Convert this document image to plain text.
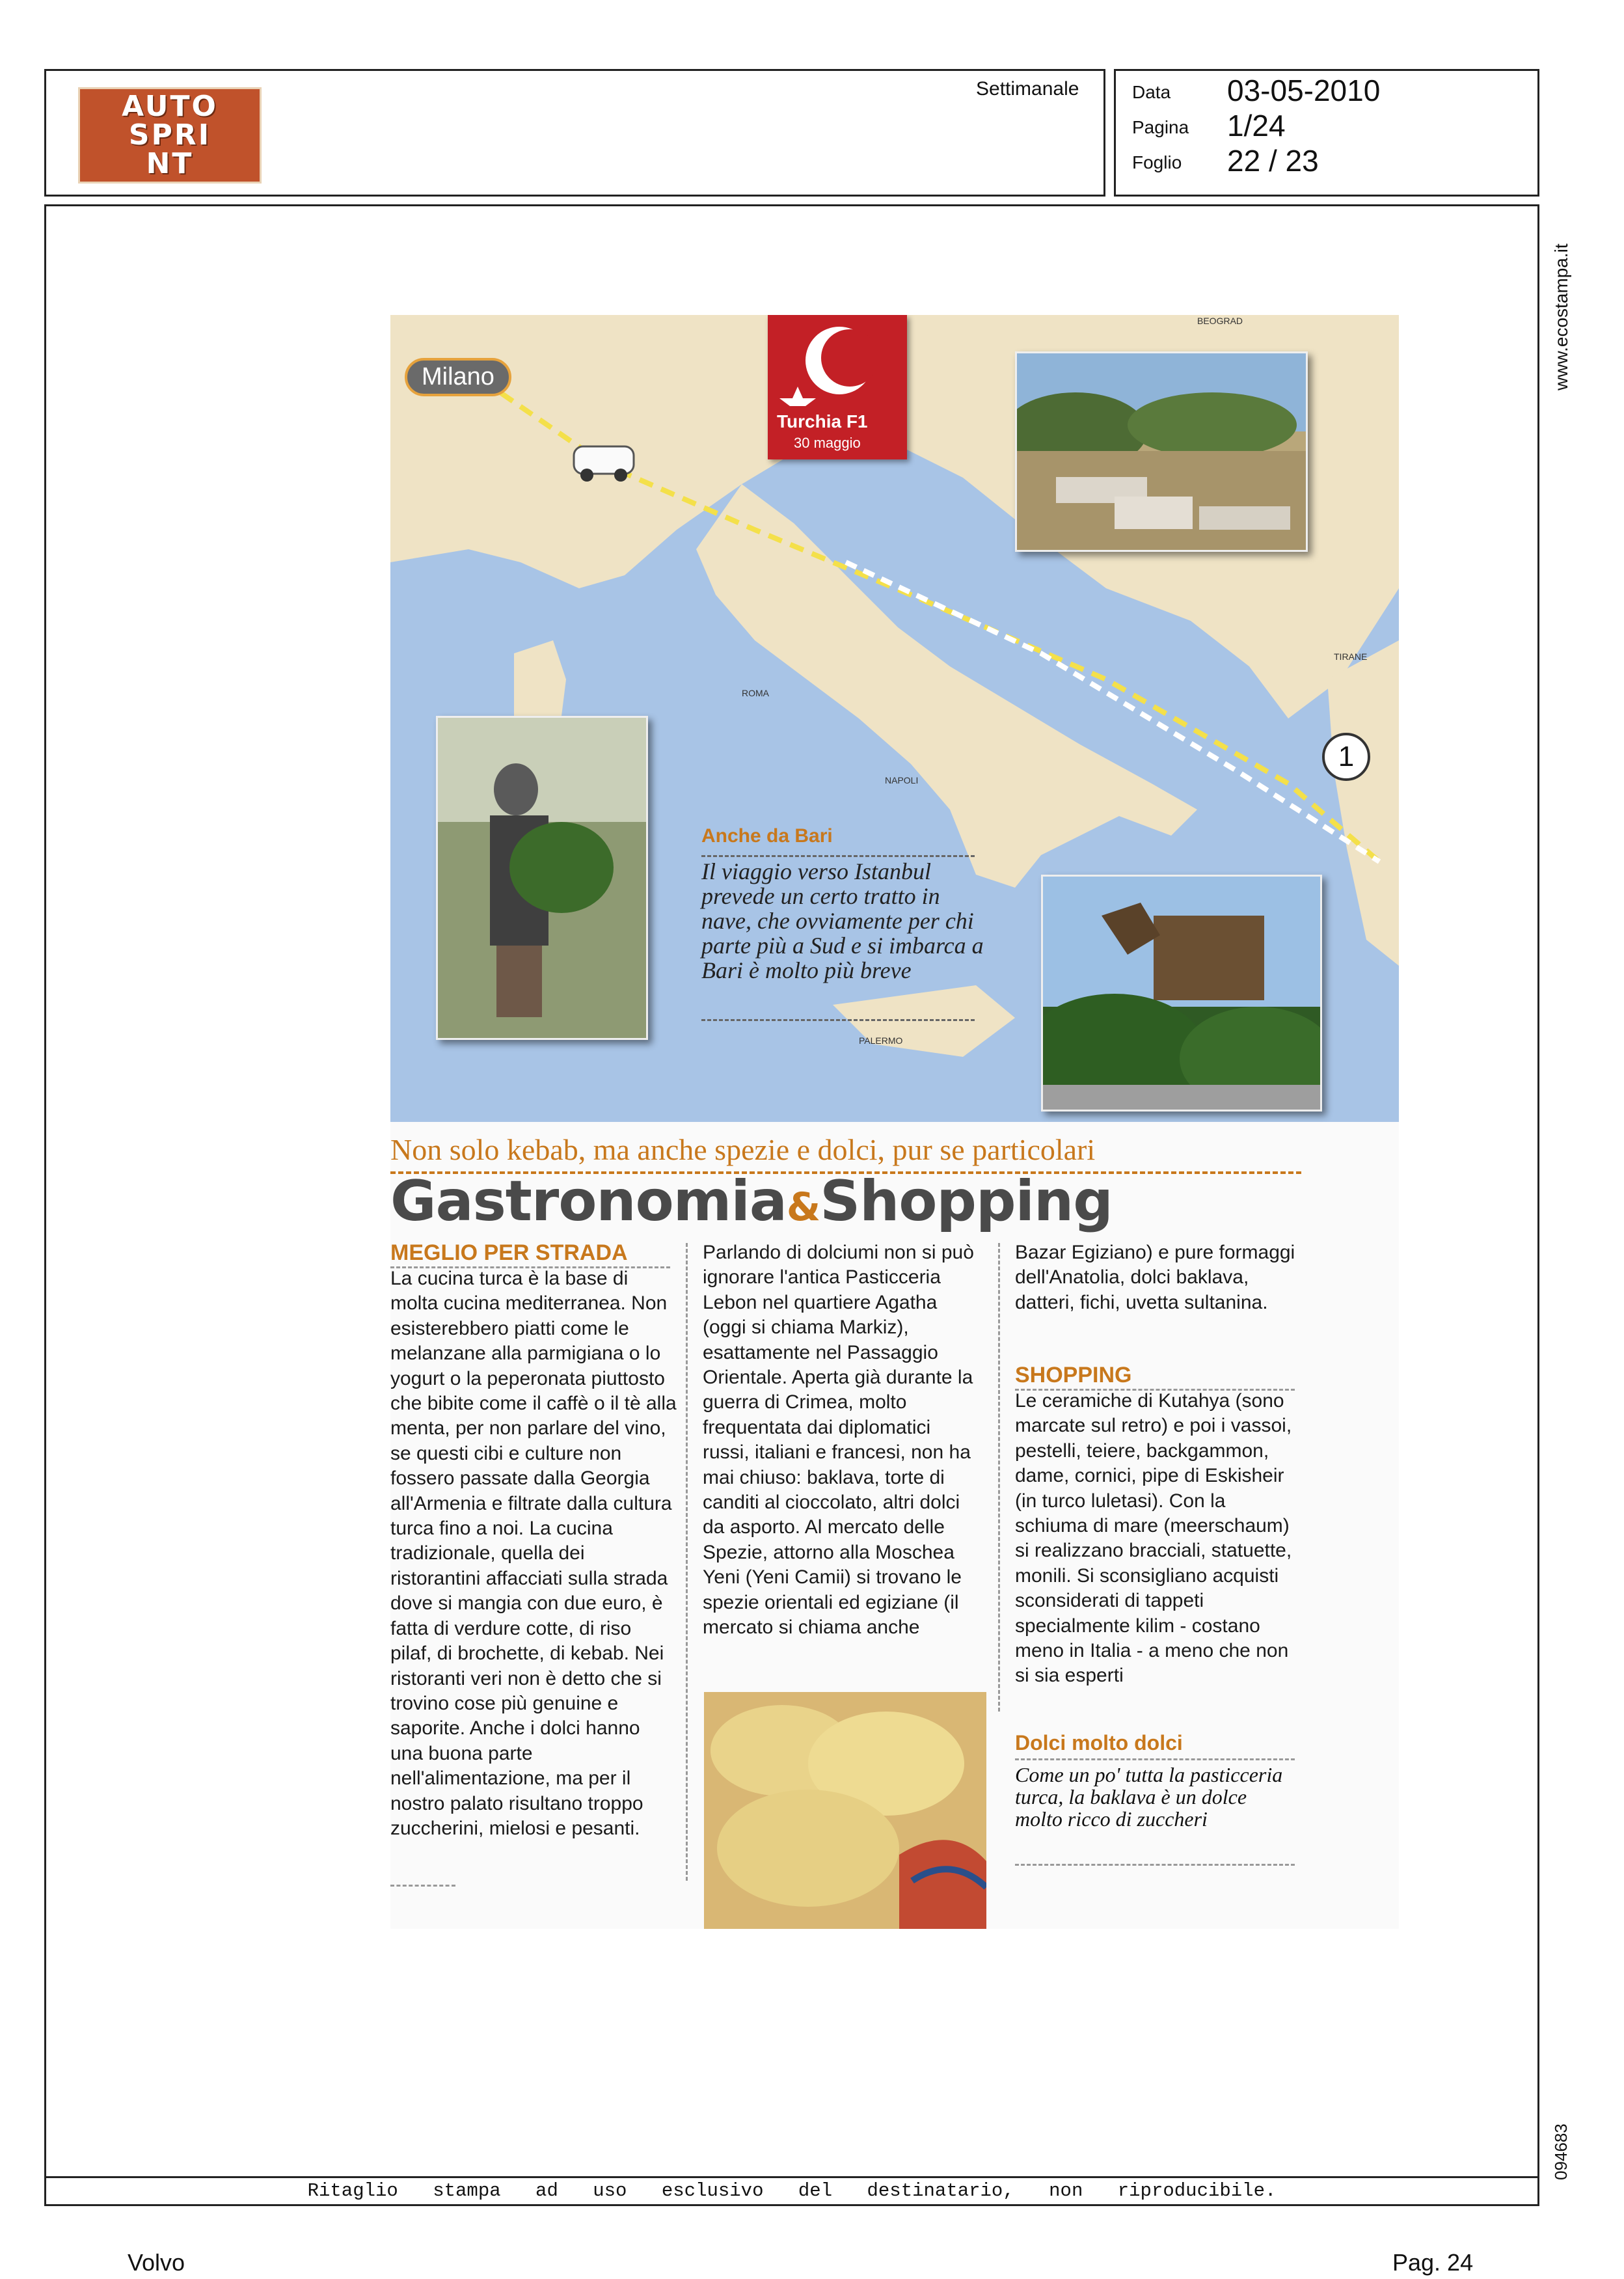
AUTO
SPRI
NT
Settimanale	Data 03-05-2010
Pagina 1/24
Foglio 22 / 23
www.ecostampa.it
094683
BEOGRAD
ROMA
NAPOLI
PALERMO
TIRANE
Milano
Turchia F1
30 maggio
1
Anche da Bari
Il viaggio verso Istanbul prevede un certo tratto in nave, che ovviamente per chi parte più a Sud e si imbarca a Bari è molto più breve
Non solo kebab, ma anche spezie e dolci, pur se particolari
Gastronomia&Shopping
MEGLIO PER STRADA

La cucina turca è la base di molta cucina mediterranea. Non esisterebbero piatti come le melanzane alla parmigiana o lo yogurt o la peperonata piuttosto che bibite come il caffè o il tè alla menta, per non parlare del vino, se questi cibi e culture non fossero passate dalla Georgia all'Armenia e filtrate dalla cultura turca fino a noi. La cucina tradizionale, quella dei ristorantini affacciati sulla strada dove si mangia con due euro, è fatta di verdure cotte, di riso pilaf, di brochette, di kebab. Nei ristoranti veri non è detto che si trovino cose più genuine e saporite. Anche i dolci hanno una buona parte nell'alimentazione, ma per il nostro palato risultano troppo zuccherini, mielosi e pesanti.

Parlando di dolciumi non si può ignorare l'antica Pasticceria Lebon nel quartiere Agatha (oggi si chiama Markiz), esattamente nel Passaggio Orientale. Aperta già durante la guerra di Crimea, molto frequentata dai diplomatici russi, italiani e francesi, non ha mai chiuso: baklava, torte di canditi al cioccolato, altri dolci da asporto. Al mercato delle Spezie, attorno alla Moschea Yeni (Yeni Camii) si trovano le spezie orientali ed egiziane (il mercato si chiama anche

Bazar Egiziano) e pure formaggi dell'Anatolia, dolci baklava, datteri, fichi, uvetta sultanina.

SHOPPING

Le ceramiche di Kutahya (sono marcate sul retro) e poi i vassoi, pestelli, teiere, backgammon, dame, cornici, pipe di Eskisheir (in turco luletasi). Con la schiuma di mare (meerschaum) si realizzano bracciali, statuette, monili. Si sconsigliano acquisti sconsiderati di tappeti specialmente kilim - costano meno in Italia - a meno che non si sia esperti

Dolci molto dolci
Come un po' tutta la pasticceria turca, la baklava è un dolce molto ricco di zuccheri
Ritaglio stampa ad uso esclusivo del destinatario, non riproducibile.
Volvo	Pag. 24
